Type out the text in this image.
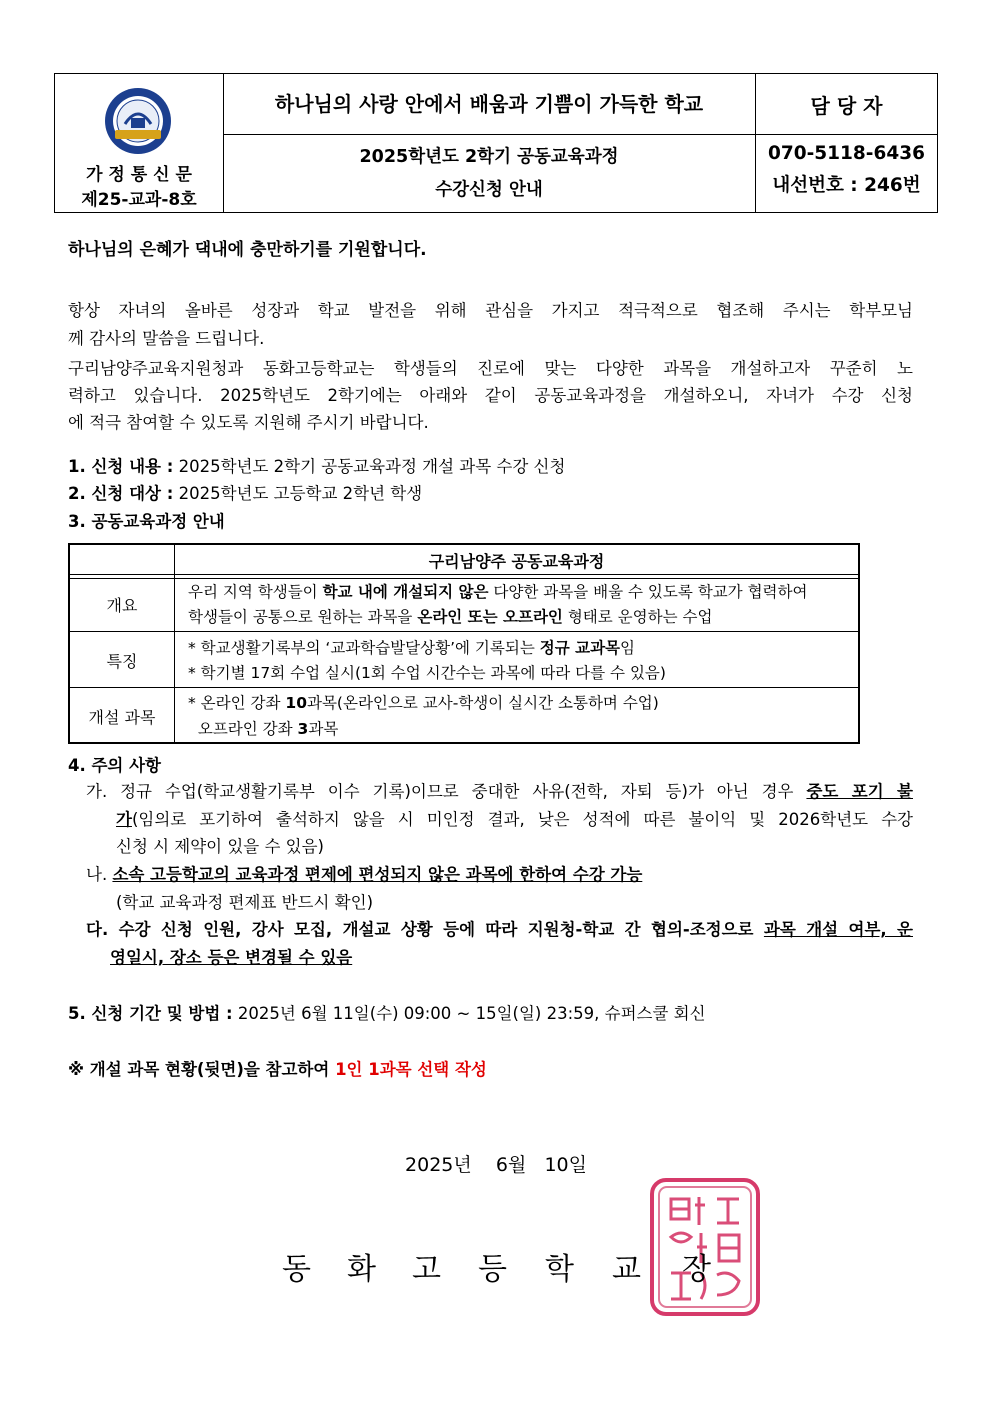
가 정 통 신 문
제25-교과-8호
하나님의 사랑 안에서 배움과 기쁨이 가득한 학교
2025학년도 2학기 공동교육과정
수강신청 안내
담 당 자
070-5118-6436
내선번호 : 246번
하나님의 은혜가 댁내에 충만하기를 기원합니다.
항상 자녀의 올바른 성장과 학교 발전을 위해 관심을 가지고 적극적으로 협조해 주시는 학부모님
께 감사의 말씀을 드립니다.
구리남양주교육지원청과 동화고등학교는 학생들의 진로에 맞는 다양한 과목을 개설하고자 꾸준히 노
력하고 있습니다. 2025학년도 2학기에는 아래와 같이 공동교육과정을 개설하오니, 자녀가 수강 신청
에 적극 참여할 수 있도록 지원해 주시기 바랍니다.
1. 신청 내용 : 2025학년도 2학기 공동교육과정 개설 과목 수강 신청
2. 신청 대상 : 2025학년도 고등학교 2학년 학생
3. 공동교육과정 안내
구리남양주 공동교육과정
개요
우리 지역 학생들이 학교 내에 개설되지 않은 다양한 과목을 배울 수 있도록 학교가 협력하여
학생들이 공통으로 원하는 과목을 온라인 또는 오프라인 형태로 운영하는 수업
특징
* 학교생활기록부의 ‘교과학습발달상황’에 기록되는 정규 교과목임
* 학기별 17회 수업 실시(1회 수업 시간수는 과목에 따라 다를 수 있음)
개설 과목
* 온라인 강좌 10과목(온라인으로 교사-학생이 실시간 소통하며 수업)
오프라인 강좌 3과목
4. 주의 사항
가. 정규 수업(학교생활기록부 이수 기록)이므로 중대한 사유(전학, 자퇴 등)가 아닌 경우 중도 포기 불
가(임의로 포기하여 출석하지 않을 시 미인정 결과, 낮은 성적에 따른 불이익 및 2026학년도 수강
신청 시 제약이 있을 수 있음)
나. 소속 고등학교의 교육과정 편제에 편성되지 않은 과목에 한하여 수강 가능
(학교 교육과정 편제표 반드시 확인)
다. 수강 신청 인원, 강사 모집, 개설교 상황 등에 따라 지원청-학교 간 협의-조정으로 과목 개설 여부, 운
영일시, 장소 등은 변경될 수 있음
5. 신청 기간 및 방법 : 2025년 6월 11일(수) 09:00 ~ 15일(일) 23:59, 슈퍼스쿨 회신
※ 개설 과목 현황(뒷면)을 참고하여 1인 1과목 선택 작성
2025년    6월   10일
동 화 고 등 학 교 장
